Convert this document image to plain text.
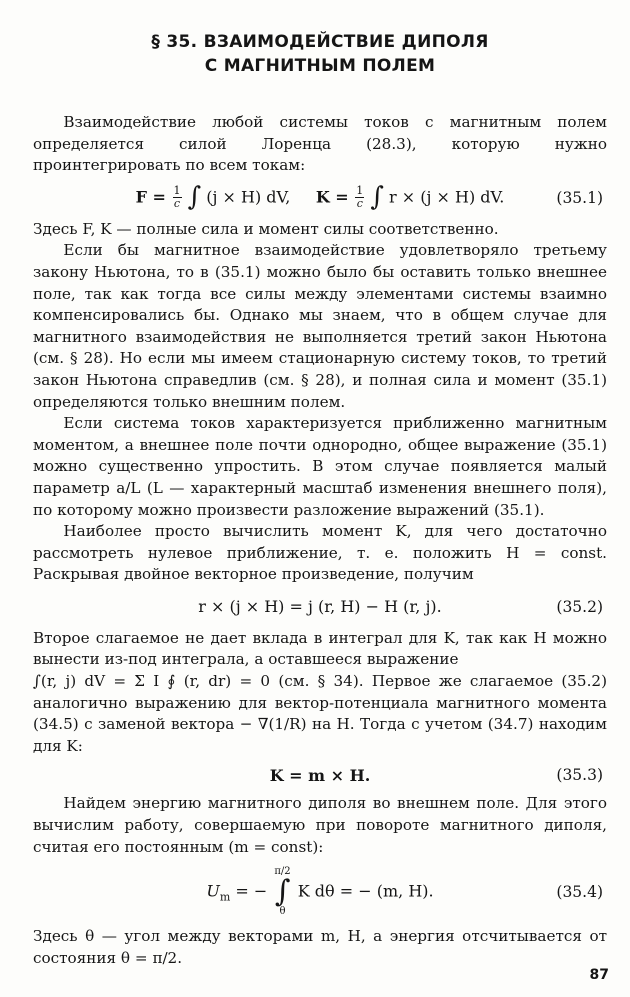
§ 35. ВЗАИМОДЕЙСТВИЕ ДИПОЛЯ
С МАГНИТНЫМ ПОЛЕМ

Взаимодействие любой системы токов с магнитным полем определяется силой Лоренца (28.3), которую нужно проинтегрировать по всем токам:

$F = \frac{1}{c}$ ∫ (j × H) dV, $K = \frac{1}{c}$ ∫ r × (j × H) dV.	(35.1)

Здесь F, K — полные сила и момент силы соответственно.

Если бы магнитное взаимодействие удовлетворяло третьему закону Ньютона, то в (35.1) можно было бы оставить только внешнее поле, так как тогда все силы между элементами системы взаимно компенсировались бы. Однако мы знаем, что в общем случае для магнитного взаимодействия не выполняется третий закон Ньютона (см. § 28). Но если мы имеем стационарную систему токов, то третий закон Ньютона справедлив (см. § 28), и полная сила и момент (35.1) определяются только внешним полем.

Если система токов характеризуется приближенно магнитным моментом, а внешнее поле почти однородно, общее выражение (35.1) можно существенно упростить. В этом случае появляется малый параметр a/L (L — характерный масштаб изменения внешнего поля), по которому можно произвести разложение выражений (35.1).

Наиболее просто вычислить момент K, для чего достаточно рассмотреть нулевое приближение, т. е. положить H = const. Раскрывая двойное векторное произведение, получим

r × (j × H) = j (r, H) − H (r, j).	(35.2)

Второе слагаемое не дает вклада в интеграл для K, так как H можно вынести из-под интеграла, а оставшееся выражение

∫(r, j) dV = Σ I ∮ (r, dr) = 0 (см. § 34). Первое же слагаемое (35.2) аналогично выражению для вектор-потенциала магнитного момента (34.5) с заменой вектора − ∇(1/R) на H. Тогда с учетом (34.7) находим для K:

K = m × H.	(35.3)

Найдем энергию магнитного диполя во внешнем поле. Для этого вычислим работу, совершаемую при повороте магнитного диполя, считая его постоянным (m = const):

$U_m$ = −
π/2
∫
θ
K dθ = − (m, H).	(35.4)

Здесь θ — угол между векторами m, H, а энергия отсчитывается от состояния θ = π/2.

87
